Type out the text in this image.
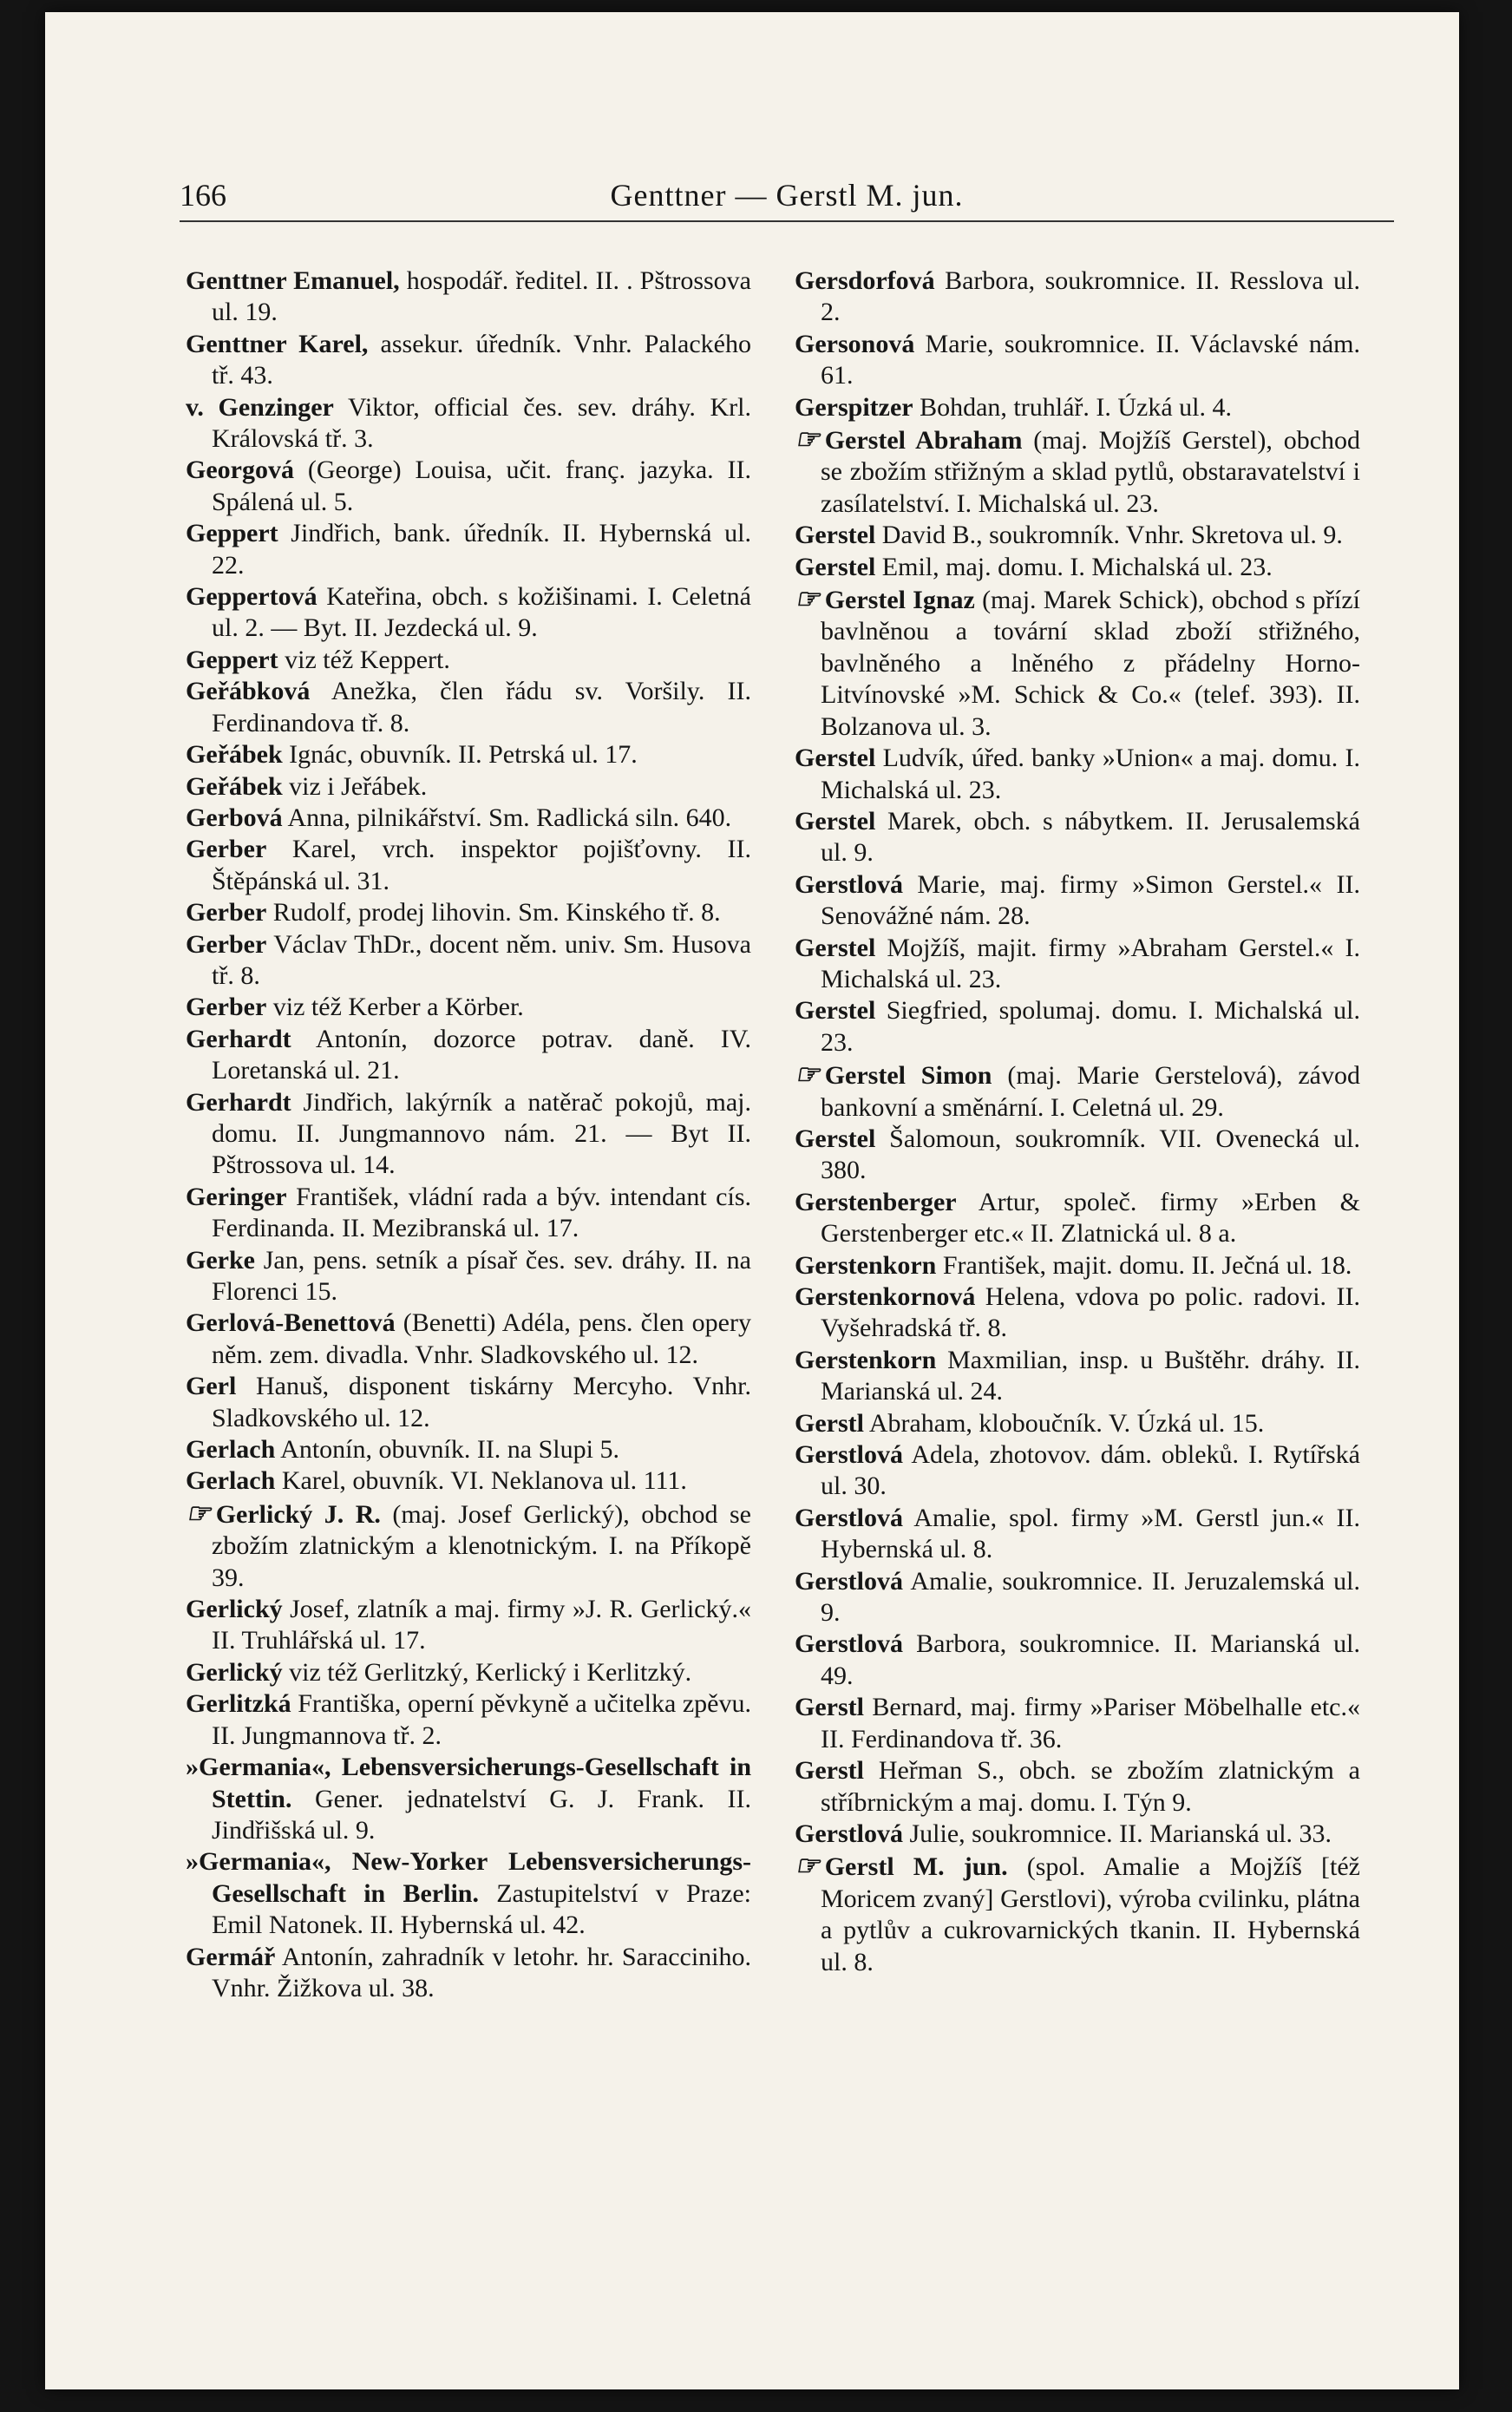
166	Genttner — Gerstl M. jun.

Genttner Emanuel, hospodář. ředitel. II. . Pštrossova ul. 19.

Genttner Karel, assekur. úředník. Vnhr. Palackého tř. 43.

v. Genzinger Viktor, official čes. sev. dráhy. Krl. Královská tř. 3.

Georgová (George) Louisa, učit. franç. jazyka. II. Spálená ul. 5.

Geppert Jindřich, bank. úředník. II. Hybernská ul. 22.

Geppertová Kateřina, obch. s kožišinami. I. Celetná ul. 2. — Byt. II. Jezdecká ul. 9.

Geppert viz též Keppert.

Geřábková Anežka, člen řádu sv. Voršily. II. Ferdinandova tř. 8.

Geřábek Ignác, obuvník. II. Petrská ul. 17.

Geřábek viz i Jeřábek.

Gerbová Anna, pilnikářství. Sm. Radlická siln. 640.

Gerber Karel, vrch. inspektor pojišťovny. II. Štěpánská ul. 31.

Gerber Rudolf, prodej lihovin. Sm. Kinského tř. 8.

Gerber Václav ThDr., docent něm. univ. Sm. Husova tř. 8.

Gerber viz též Kerber a Körber.

Gerhardt Antonín, dozorce potrav. daně. IV. Loretanská ul. 21.

Gerhardt Jindřich, lakýrník a natěrač pokojů, maj. domu. II. Jungmannovo nám. 21. — Byt II. Pštrossova ul. 14.

Geringer František, vládní rada a býv. intendant cís. Ferdinanda. II. Mezibranská ul. 17.

Gerke Jan, pens. setník a písař čes. sev. dráhy. II. na Florenci 15.

Gerlová-Benettová (Benetti) Adéla, pens. člen opery něm. zem. divadla. Vnhr. Sladkovského ul. 12.

Gerl Hanuš, disponent tiskárny Mercyho. Vnhr. Sladkovského ul. 12.

Gerlach Antonín, obuvník. II. na Slupi 5.

Gerlach Karel, obuvník. VI. Neklanova ul. 111.

☞ Gerlický J. R. (maj. Josef Gerlický), obchod se zbožím zlatnickým a klenotnickým. I. na Příkopě 39.

Gerlický Josef, zlatník a maj. firmy »J. R. Gerlický.« II. Truhlářská ul. 17.

Gerlický viz též Gerlitzký, Kerlický i Kerlitzký.

Gerlitzká Františka, operní pěvkyně a učitelka zpěvu. II. Jungmannova tř. 2.

»Germania«, Lebensversicherungs-Gesellschaft in Stettin. Gener. jednatelství G. J. Frank. II. Jindřišská ul. 9.

»Germania«, New-Yorker Lebensversicherungs-Gesellschaft in Berlin. Zastupitelství v Praze: Emil Natonek. II. Hybernská ul. 42.

Germář Antonín, zahradník v letohr. hr. Saracciniho. Vnhr. Žižkova ul. 38.

Gersdorfová Barbora, soukromnice. II. Resslova ul. 2.

Gersonová Marie, soukromnice. II. Václavské nám. 61.

Gerspitzer Bohdan, truhlář. I. Úzká ul. 4.

☞ Gerstel Abraham (maj. Mojžíš Gerstel), obchod se zbožím střižným a sklad pytlů, obstaravatelství i zasílatelství. I. Michalská ul. 23.

Gerstel David B., soukromník. Vnhr. Skretova ul. 9.

Gerstel Emil, maj. domu. I. Michalská ul. 23.

☞ Gerstel Ignaz (maj. Marek Schick), obchod s přízí bavlněnou a tovární sklad zboží střižného, bavlněného a lněného z přádelny Horno-Litvínovské »M. Schick & Co.« (telef. 393). II. Bolzanova ul. 3.

Gerstel Ludvík, úřed. banky »Union« a maj. domu. I. Michalská ul. 23.

Gerstel Marek, obch. s nábytkem. II. Jerusalemská ul. 9.

Gerstlová Marie, maj. firmy »Simon Gerstel.« II. Senovážné nám. 28.

Gerstel Mojžíš, majit. firmy »Abraham Gerstel.« I. Michalská ul. 23.

Gerstel Siegfried, spolumaj. domu. I. Michalská ul. 23.

☞ Gerstel Simon (maj. Marie Gerstelová), závod bankovní a směnární. I. Celetná ul. 29.

Gerstel Šalomoun, soukromník. VII. Ovenecká ul. 380.

Gerstenberger Artur, společ. firmy »Erben & Gerstenberger etc.« II. Zlatnická ul. 8 a.

Gerstenkorn František, majit. domu. II. Ječná ul. 18.

Gerstenkornová Helena, vdova po polic. radovi. II. Vyšehradská tř. 8.

Gerstenkorn Maxmilian, insp. u Buštěhr. dráhy. II. Marianská ul. 24.

Gerstl Abraham, kloboučník. V. Úzká ul. 15.

Gerstlová Adela, zhotovov. dám. obleků. I. Rytířská ul. 30.

Gerstlová Amalie, spol. firmy »M. Gerstl jun.« II. Hybernská ul. 8.

Gerstlová Amalie, soukromnice. II. Jeruzalemská ul. 9.

Gerstlová Barbora, soukromnice. II. Marianská ul. 49.

Gerstl Bernard, maj. firmy »Pariser Möbelhalle etc.« II. Ferdinandova tř. 36.

Gerstl Heřman S., obch. se zbožím zlatnickým a stříbrnickým a maj. domu. I. Týn 9.

Gerstlová Julie, soukromnice. II. Marianská ul. 33.

☞ Gerstl M. jun. (spol. Amalie a Mojžíš [též Moricem zvaný] Gerstlovi), výroba cvilinku, plátna a pytlův a cukrovarnických tkanin. II. Hybernská ul. 8.
